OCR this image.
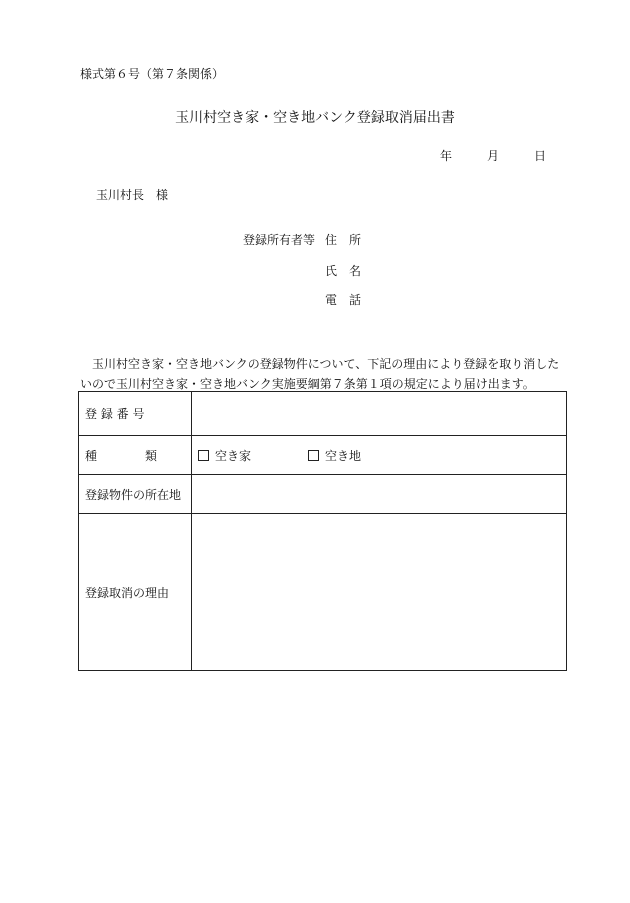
様式第６号（第７条関係）
玉川村空き家・空き地バンク登録取消届出書
年	月	日
玉川村長 様
登録所有者等 住　所
氏　名
電　話
玉川村空き家・空き地バンクの登録物件について、下記の理由により登録を取り消したいので玉川村空き家・空き地バンク実施要綱第７条第１項の規定により届け出ます。
登 録 番 号	
種　　　　類	空き家 空き地
登録物件の所在地	
登録取消の理由	
